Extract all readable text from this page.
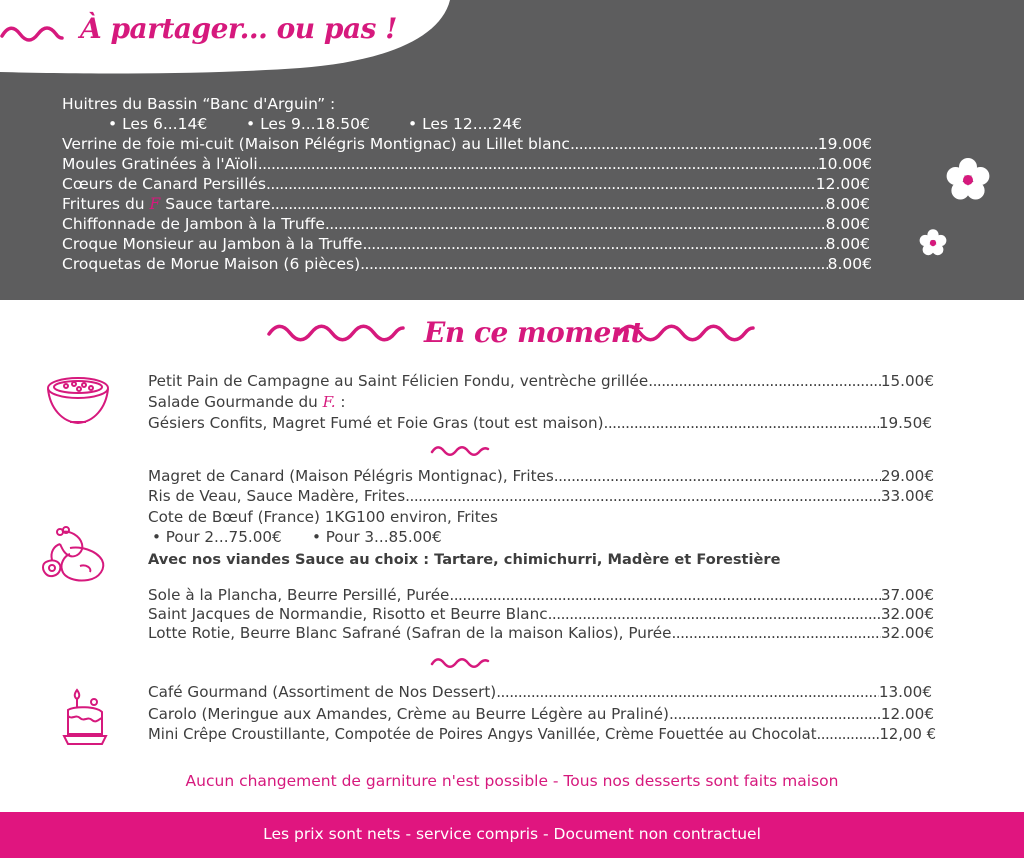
À partager... ou pas !
Huitres du Bassin “Banc d'Arguin” :
• Les 6...14€	• Les 9...18.50€ • Les 12....24€
Verrine de foie mi-cuit (Maison Pélégris Montignac) au Lillet blanc .....	19.00€
Moules Gratinées à l'Aïoli .....	10.00€
Cœurs de Canard Persillés .....	12.00€
Fritures du F Sauce tartare .....	8.00€
Chiffonnade de Jambon à la Truffe .....	8.00€
Croque Monsieur au Jambon à la Truffe .....	8.00€
Croquetas de Morue Maison (6 pièces) .....	8.00€
En ce moment
Petit Pain de Campagne au Saint Félicien Fondu, ventrèche grillée .....	15.00€
Salade Gourmande du F. :
Gésiers Confits, Magret Fumé et Foie Gras (tout est maison) .....	19.50€
Magret de Canard (Maison Pélégris Montignac), Frites .....	29.00€
Ris de Veau, Sauce Madère, Frites .....	33.00€
Cote de Bœuf (France) 1KG100 environ, Frites
• Pour 2...75.00€ • Pour 3...85.00€
Avec nos viandes Sauce au choix : Tartare, chimichurri, Madère et Forestière
Sole à la Plancha, Beurre Persillé, Purée .....	37.00€
Saint Jacques de Normandie, Risotto et Beurre Blanc .....	32.00€
Lotte Rotie, Beurre Blanc Safrané (Safran de la maison Kalios), Purée .....	32.00€
Café Gourmand (Assortiment de Nos Dessert) .....	13.00€
Carolo (Meringue aux Amandes, Crème au Beurre Légère au Praliné) .....	12.00€
Mini Crêpe Croustillante, Compotée de Poires Angys Vanillée, Crème Fouettée au Chocolat .....	12,00 €
Aucun changement de garniture n'est possible - Tous nos desserts sont faits maison
Les prix sont nets - service compris - Document non contractuel
